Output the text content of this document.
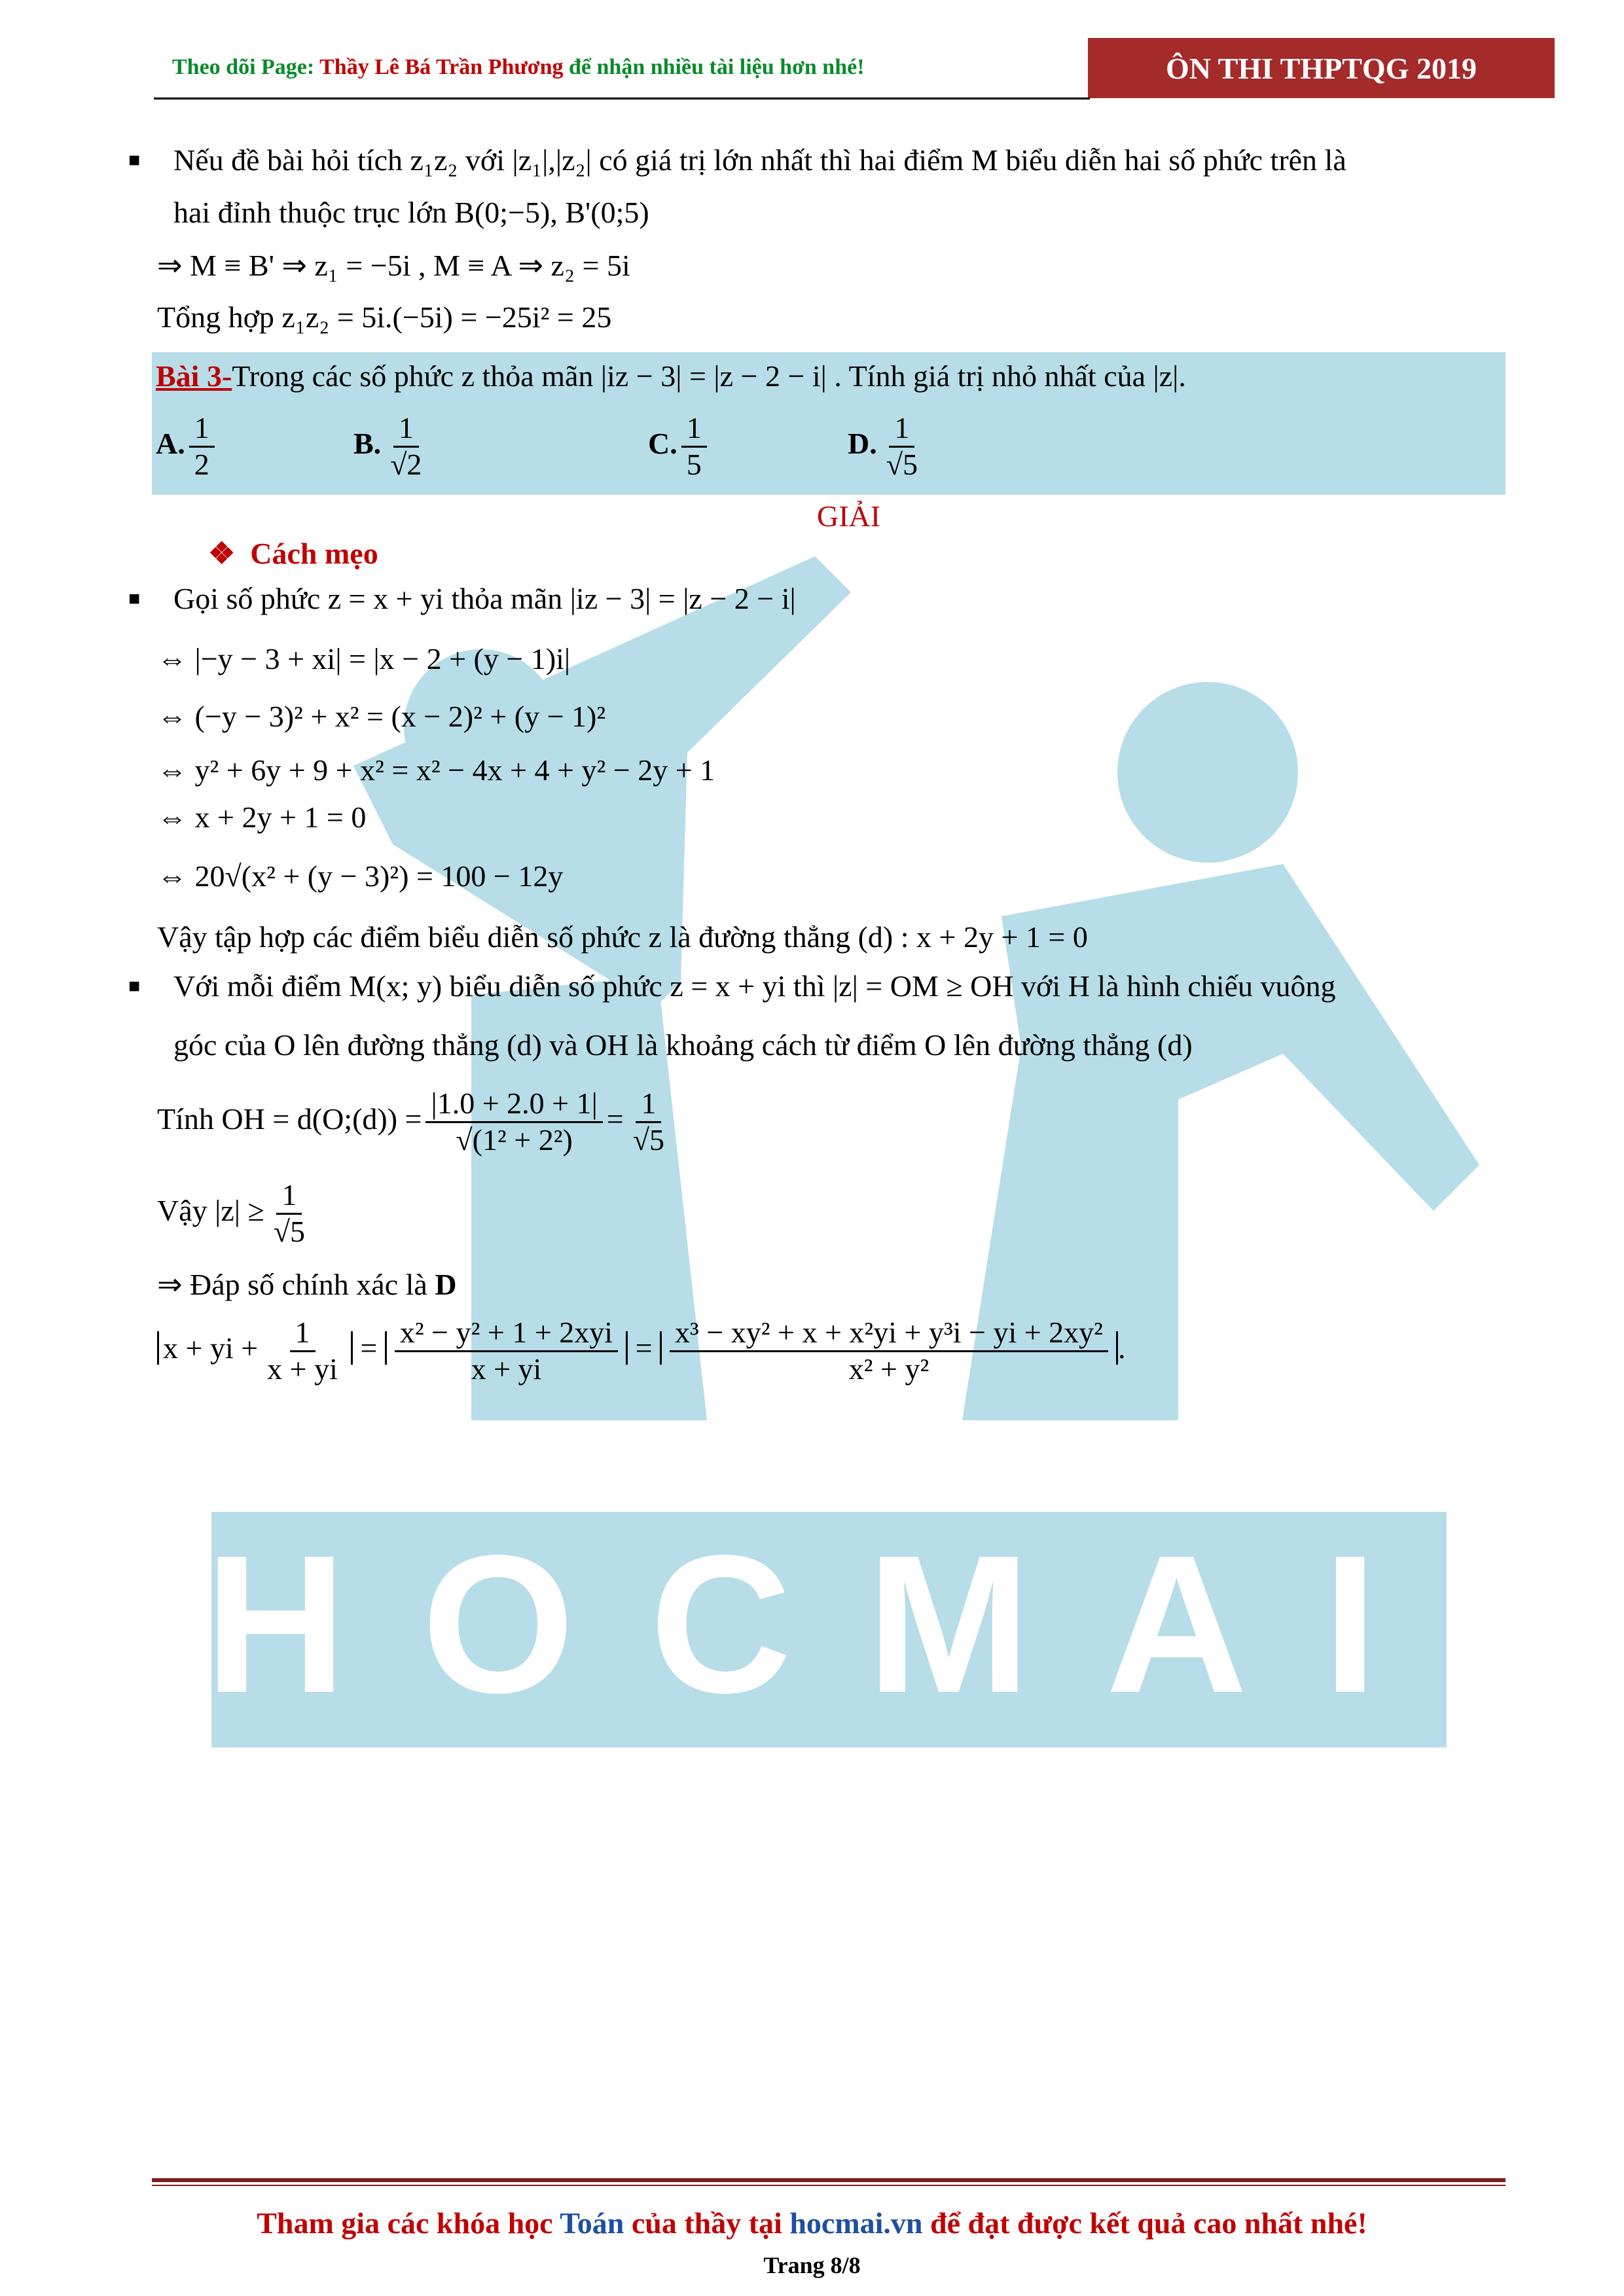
HOCMAI
Theo dõi Page: Thầy Lê Bá Trần Phương để nhận nhiều tài liệu hơn nhé!	ÔN THI THPTQG 2019
■ Nếu đề bài hỏi tích z₁z₂ với |z₁|,|z₂| có giá trị lớn nhất thì hai điểm M biểu diễn hai số phức trên là
hai đỉnh thuộc trục lớn B(0;−5), B'(0;5)
⇒ M ≡ B' ⇒ z₁ = −5i , M ≡ A ⇒ z₂ = 5i
Tổng hợp z₁z₂ = 5i.(−5i) = −25i² = 25
Bài 3-Trong các số phức z thỏa mãn |iz − 3| = |z − 2 − i| . Tính giá trị nhỏ nhất của |z|.
A. $\frac{1}{2}$	B. $\frac{1}{√2}$	C. $\frac{1}{5}$	D. $\frac{1}{√5}$
GIẢI
❖  Cách mẹo
■ Gọi số phức z = x + yi thỏa mãn |iz − 3| = |z − 2 − i|
⇔ |−y − 3 + xi| = |x − 2 + (y − 1)i|
⇔ (−y − 3)² + x² = (x − 2)² + (y − 1)²
⇔ y² + 6y + 9 + x² = x² − 4x + 4 + y² − 2y + 1
⇔ x + 2y + 1 = 0
⇔ 20√(x² + (y − 3)²) = 100 − 12y
Vậy tập hợp các điểm biểu diễn số phức z là đường thẳng (d) : x + 2y + 1 = 0
■ Với mỗi điểm M(x; y) biểu diễn số phức z = x + yi thì |z| = OM ≥ OH với H là hình chiếu vuông
góc của O lên đường thẳng (d) và OH là khoảng cách từ điểm O lên đường thẳng (d)
Tính OH = d(O;(d)) = $\frac{|1.0 + 2.0 + 1|}{\text{√(1² + 2²)}} = \frac{1}{√5}$
Vậy $|z| \ge \frac{1}{√5}$
⇒ Đáp số chính xác là D
x + yi + $\frac{1}{x + yi} = \frac{\text{x² − y² + 1 + 2xyi}}{x + yi} = \frac{\text{x³ − xy² + x + x²yi + y³i − yi + 2xy²}}{\text{x² + y²}}$ .
Tham gia các khóa học Toán của thầy tại hocmai.vn để đạt được kết quả cao nhất nhé!
Trang 8/8
